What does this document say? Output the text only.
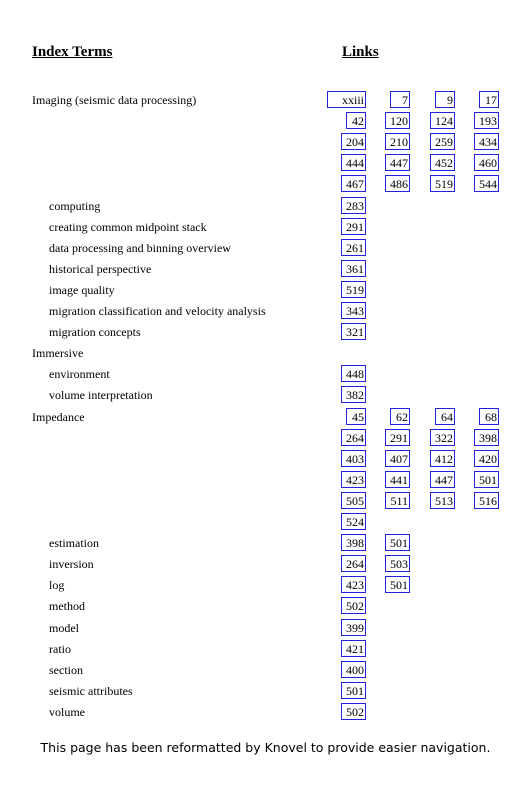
Index Terms	Links
Imaging (seismic data processing)	xxiii	7	9	17
42	120	124	193
204	210	259	434
444	447	452	460
467	486	519	544
computing	283
creating common midpoint stack	291
data processing and binning overview	261
historical perspective	361
image quality	519
migration classification and velocity analysis	343
migration concepts	321
Immersive
environment	448
volume interpretation	382
Impedance	45	62	64	68
264	291	322	398
403	407	412	420
423	441	447	501
505	511	513	516
524
estimation	398	501
inversion	264	503
log	423	501
method	502
model	399
ratio	421
section	400
seismic attributes	501
volume	502
This page has been reformatted by Knovel to provide easier navigation.
